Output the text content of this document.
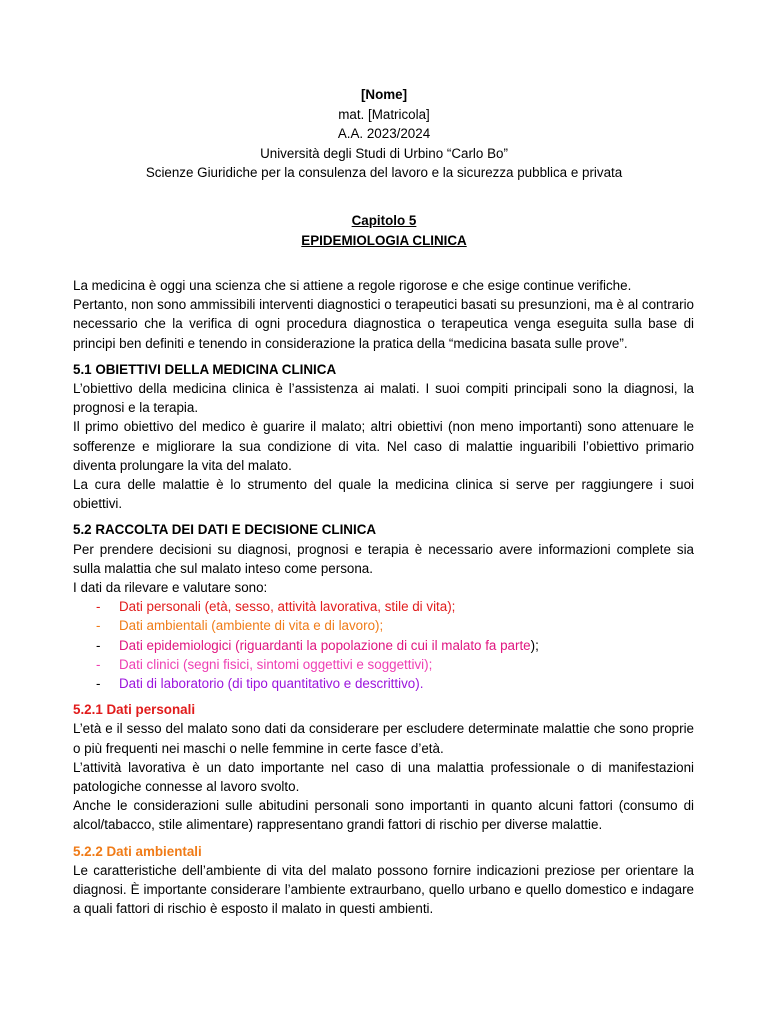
[Nome]
mat. [Matricola]
A.A. 2023/2024
Università degli Studi di Urbino “Carlo Bo”
Scienze Giuridiche per la consulenza del lavoro e la sicurezza pubblica e privata
Capitolo 5
EPIDEMIOLOGIA CLINICA

La medicina è oggi una scienza che si attiene a regole rigorose e che esige continue verifiche.

Pertanto, non sono ammissibili interventi diagnostici o terapeutici basati su presunzioni, ma è al contrario necessario che la verifica di ogni procedura diagnostica o terapeutica venga eseguita sulla base di principi ben definiti e tenendo in considerazione la pratica della “medicina basata sulle prove”.

5.1 OBIETTIVI DELLA MEDICINA CLINICA

L’obiettivo della medicina clinica è l’assistenza ai malati. I suoi compiti principali sono la diagnosi, la prognosi e la terapia.

Il primo obiettivo del medico è guarire il malato; altri obiettivi (non meno importanti) sono attenuare le sofferenze e migliorare la sua condizione di vita. Nel caso di malattie inguaribili l’obiettivo primario diventa prolungare la vita del malato.

La cura delle malattie è lo strumento del quale la medicina clinica si serve per raggiungere i suoi obiettivi.

5.2 RACCOLTA DEI DATI E DECISIONE CLINICA

Per prendere decisioni su diagnosi, prognosi e terapia è necessario avere informazioni complete sia sulla malattia che sul malato inteso come persona.

I dati da rilevare e valutare sono:

- Dati personali (età, sesso, attività lavorativa, stile di vita);
- Dati ambientali (ambiente di vita e di lavoro);
- Dati epidemiologici (riguardanti la popolazione di cui il malato fa parte);
- Dati clinici (segni fisici, sintomi oggettivi e soggettivi);
- Dati di laboratorio (di tipo quantitativo e descrittivo).

5.2.1 Dati personali

L’età e il sesso del malato sono dati da considerare per escludere determinate malattie che sono proprie o più frequenti nei maschi o nelle femmine in certe fasce d’età.

L’attività lavorativa è un dato importante nel caso di una malattia professionale o di manifestazioni patologiche connesse al lavoro svolto.

Anche le considerazioni sulle abitudini personali sono importanti in quanto alcuni fattori (consumo di alcol/tabacco, stile alimentare) rappresentano grandi fattori di rischio per diverse malattie.

5.2.2 Dati ambientali

Le caratteristiche dell’ambiente di vita del malato possono fornire indicazioni preziose per orientare la diagnosi. È importante considerare l’ambiente extraurbano, quello urbano e quello domestico e indagare a quali fattori di rischio è esposto il malato in questi ambienti.
